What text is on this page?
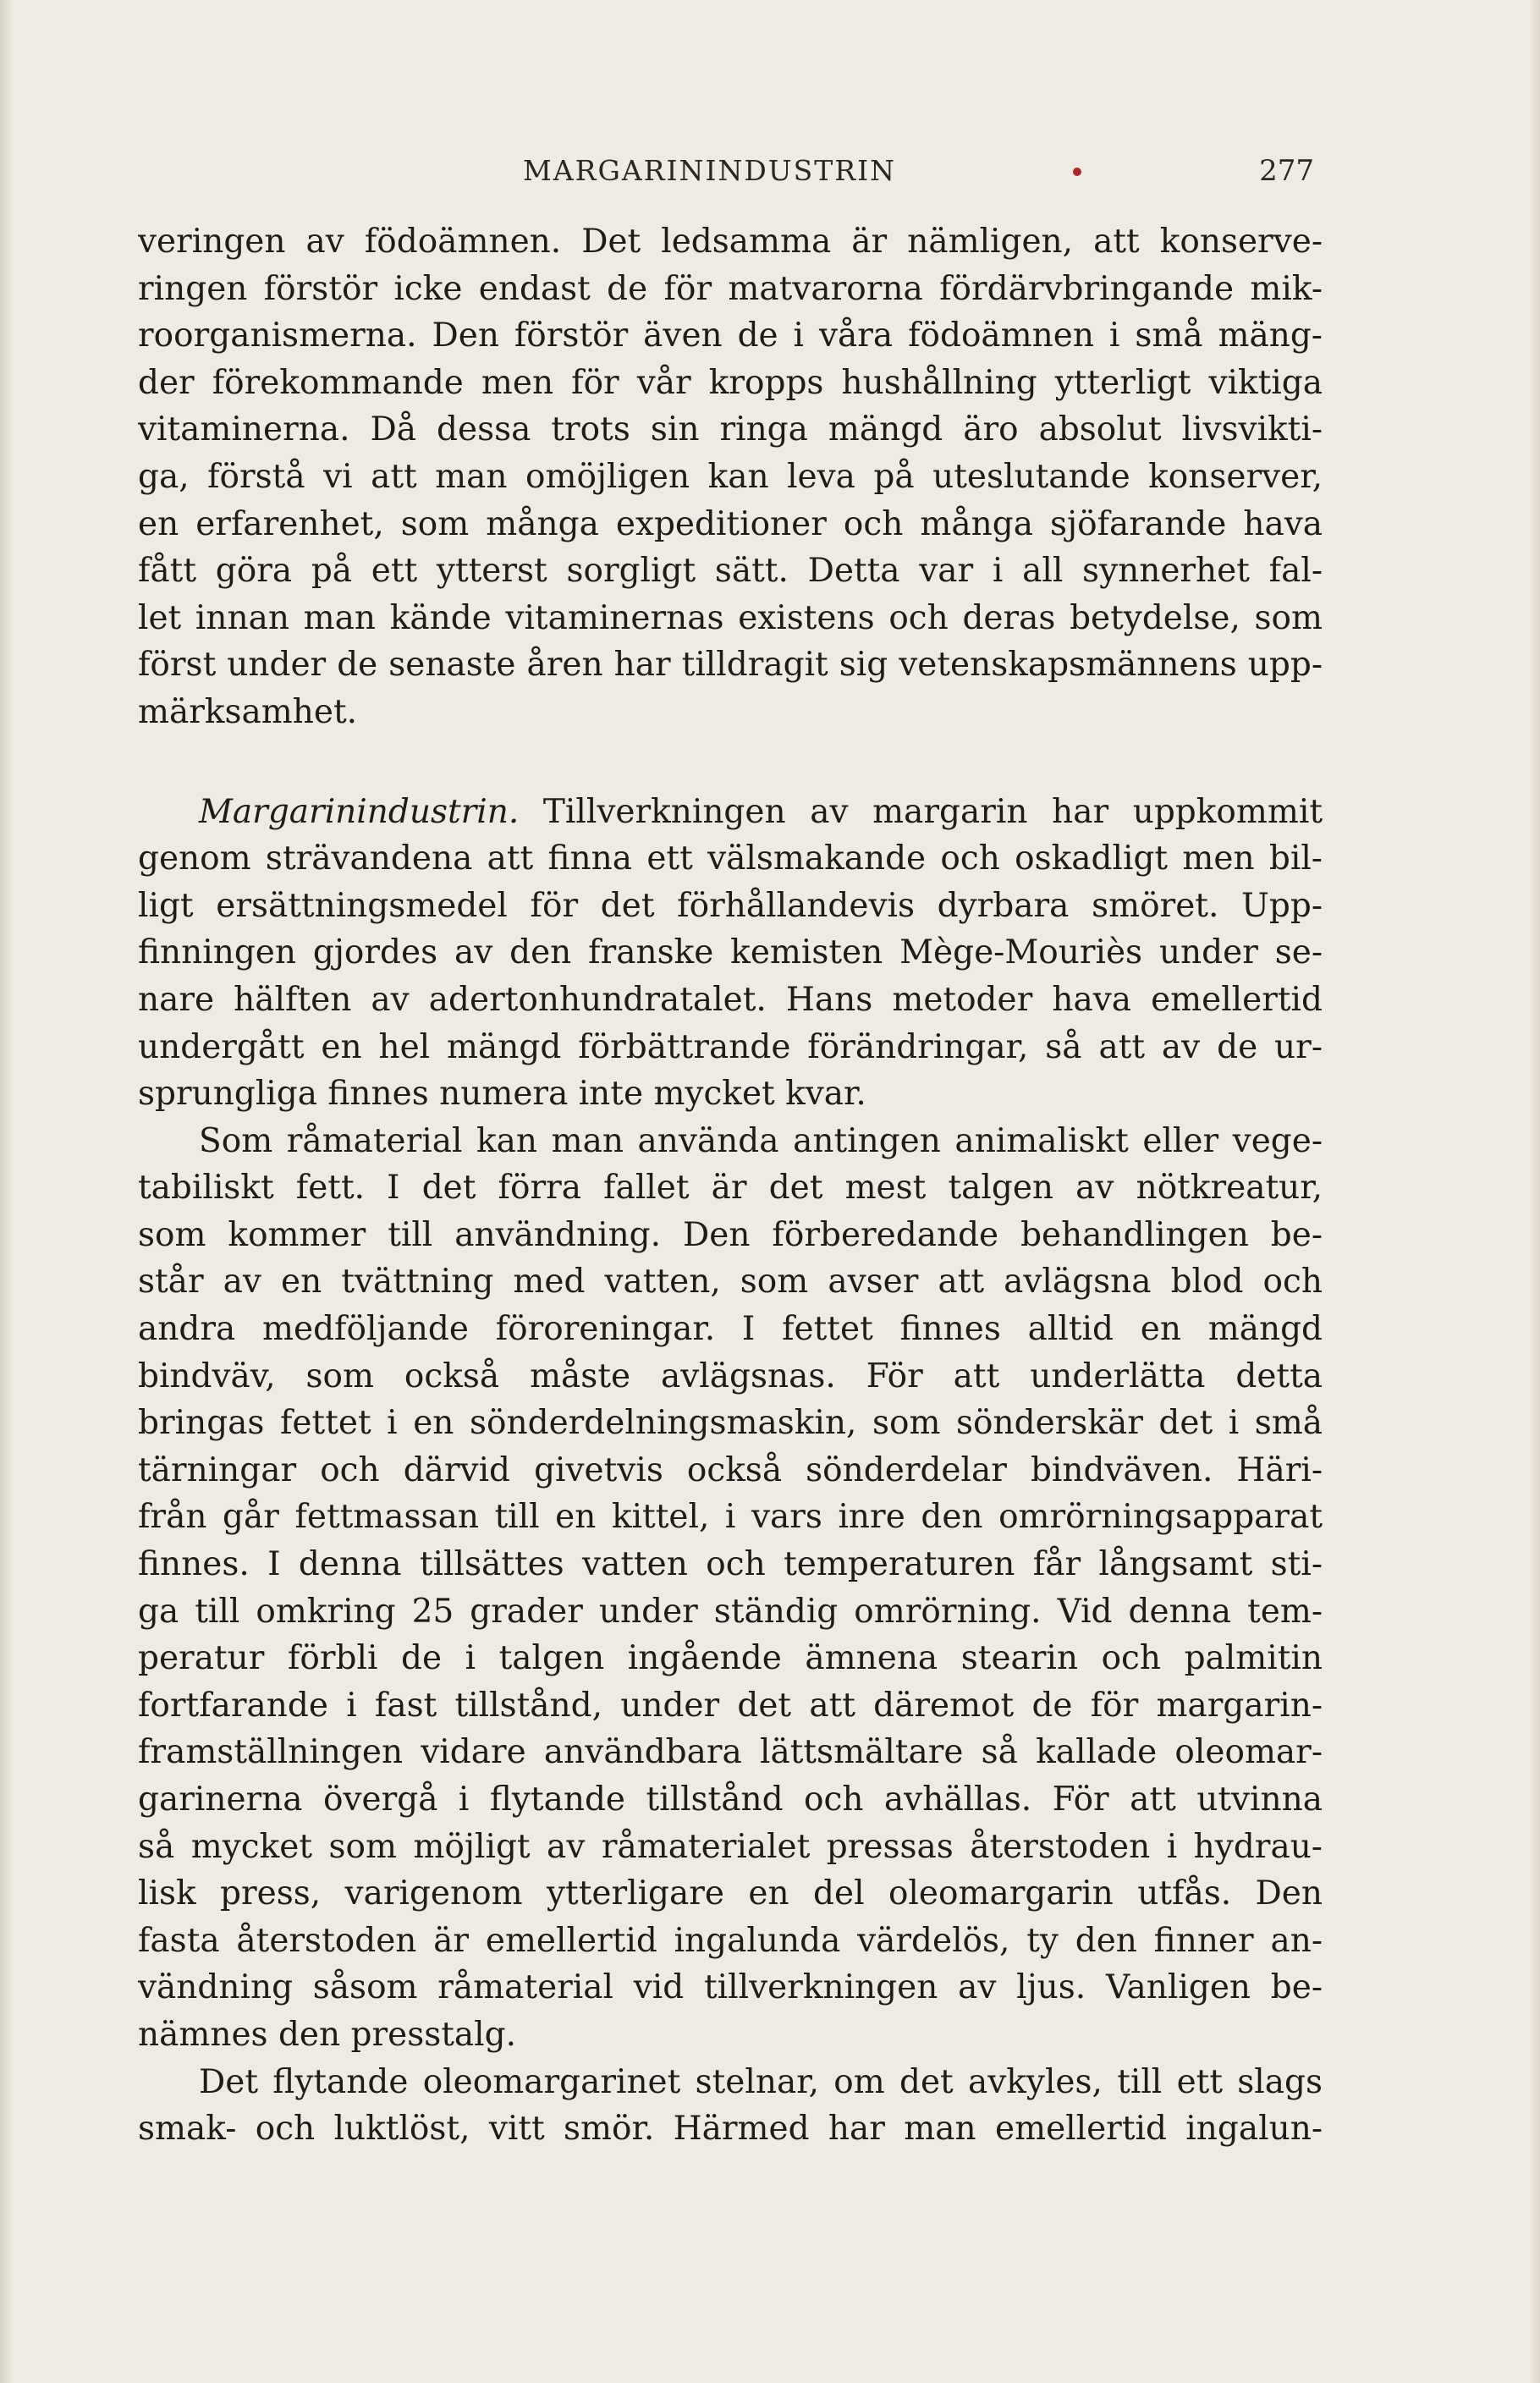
MARGARININDUSTRIN	277
veringen av födoämnen. Det ledsamma är nämligen, att konserve-
ringen förstör icke endast de för matvarorna fördärvbringande mik-
roorganismerna. Den förstör även de i våra födoämnen i små mäng-
der förekommande men för vår kropps hushållning ytterligt viktiga
vitaminerna. Då dessa trots sin ringa mängd äro absolut livsvikti-
ga, förstå vi att man omöjligen kan leva på uteslutande konserver,
en erfarenhet, som många expeditioner och många sjöfarande hava
fått göra på ett ytterst sorgligt sätt. Detta var i all synnerhet fal-
let innan man kände vitaminernas existens och deras betydelse, som
först under de senaste åren har tilldragit sig vetenskapsmännens upp-
märksamhet.
Margarinindustrin. Tillverkningen av margarin har uppkommit
genom strävandena att finna ett välsmakande och oskadligt men bil-
ligt ersättningsmedel för det förhållandevis dyrbara smöret. Upp-
finningen gjordes av den franske kemisten Mège-Mouriès under se-
nare hälften av adertonhundratalet. Hans metoder hava emellertid
undergått en hel mängd förbättrande förändringar, så att av de ur-
sprungliga finnes numera inte mycket kvar.
Som råmaterial kan man använda antingen animaliskt eller vege-
tabiliskt fett. I det förra fallet är det mest talgen av nötkreatur,
som kommer till användning. Den förberedande behandlingen be-
står av en tvättning med vatten, som avser att avlägsna blod och
andra medföljande föroreningar. I fettet finnes alltid en mängd
bindväv, som också måste avlägsnas. För att underlätta detta
bringas fettet i en sönderdelningsmaskin, som sönderskär det i små
tärningar och därvid givetvis också sönderdelar bindväven. Häri-
från går fettmassan till en kittel, i vars inre den omrörningsapparat
finnes. I denna tillsättes vatten och temperaturen får långsamt sti-
ga till omkring 25 grader under ständig omrörning. Vid denna tem-
peratur förbli de i talgen ingående ämnena stearin och palmitin
fortfarande i fast tillstånd, under det att däremot de för margarin-
framställningen vidare användbara lättsmältare så kallade oleomar-
garinerna övergå i flytande tillstånd och avhällas. För att utvinna
så mycket som möjligt av råmaterialet pressas återstoden i hydrau-
lisk press, varigenom ytterligare en del oleomargarin utfås. Den
fasta återstoden är emellertid ingalunda värdelös, ty den finner an-
vändning såsom råmaterial vid tillverkningen av ljus. Vanligen be-
nämnes den presstalg.
Det flytande oleomargarinet stelnar, om det avkyles, till ett slags
smak- och luktlöst, vitt smör. Härmed har man emellertid ingalun-
